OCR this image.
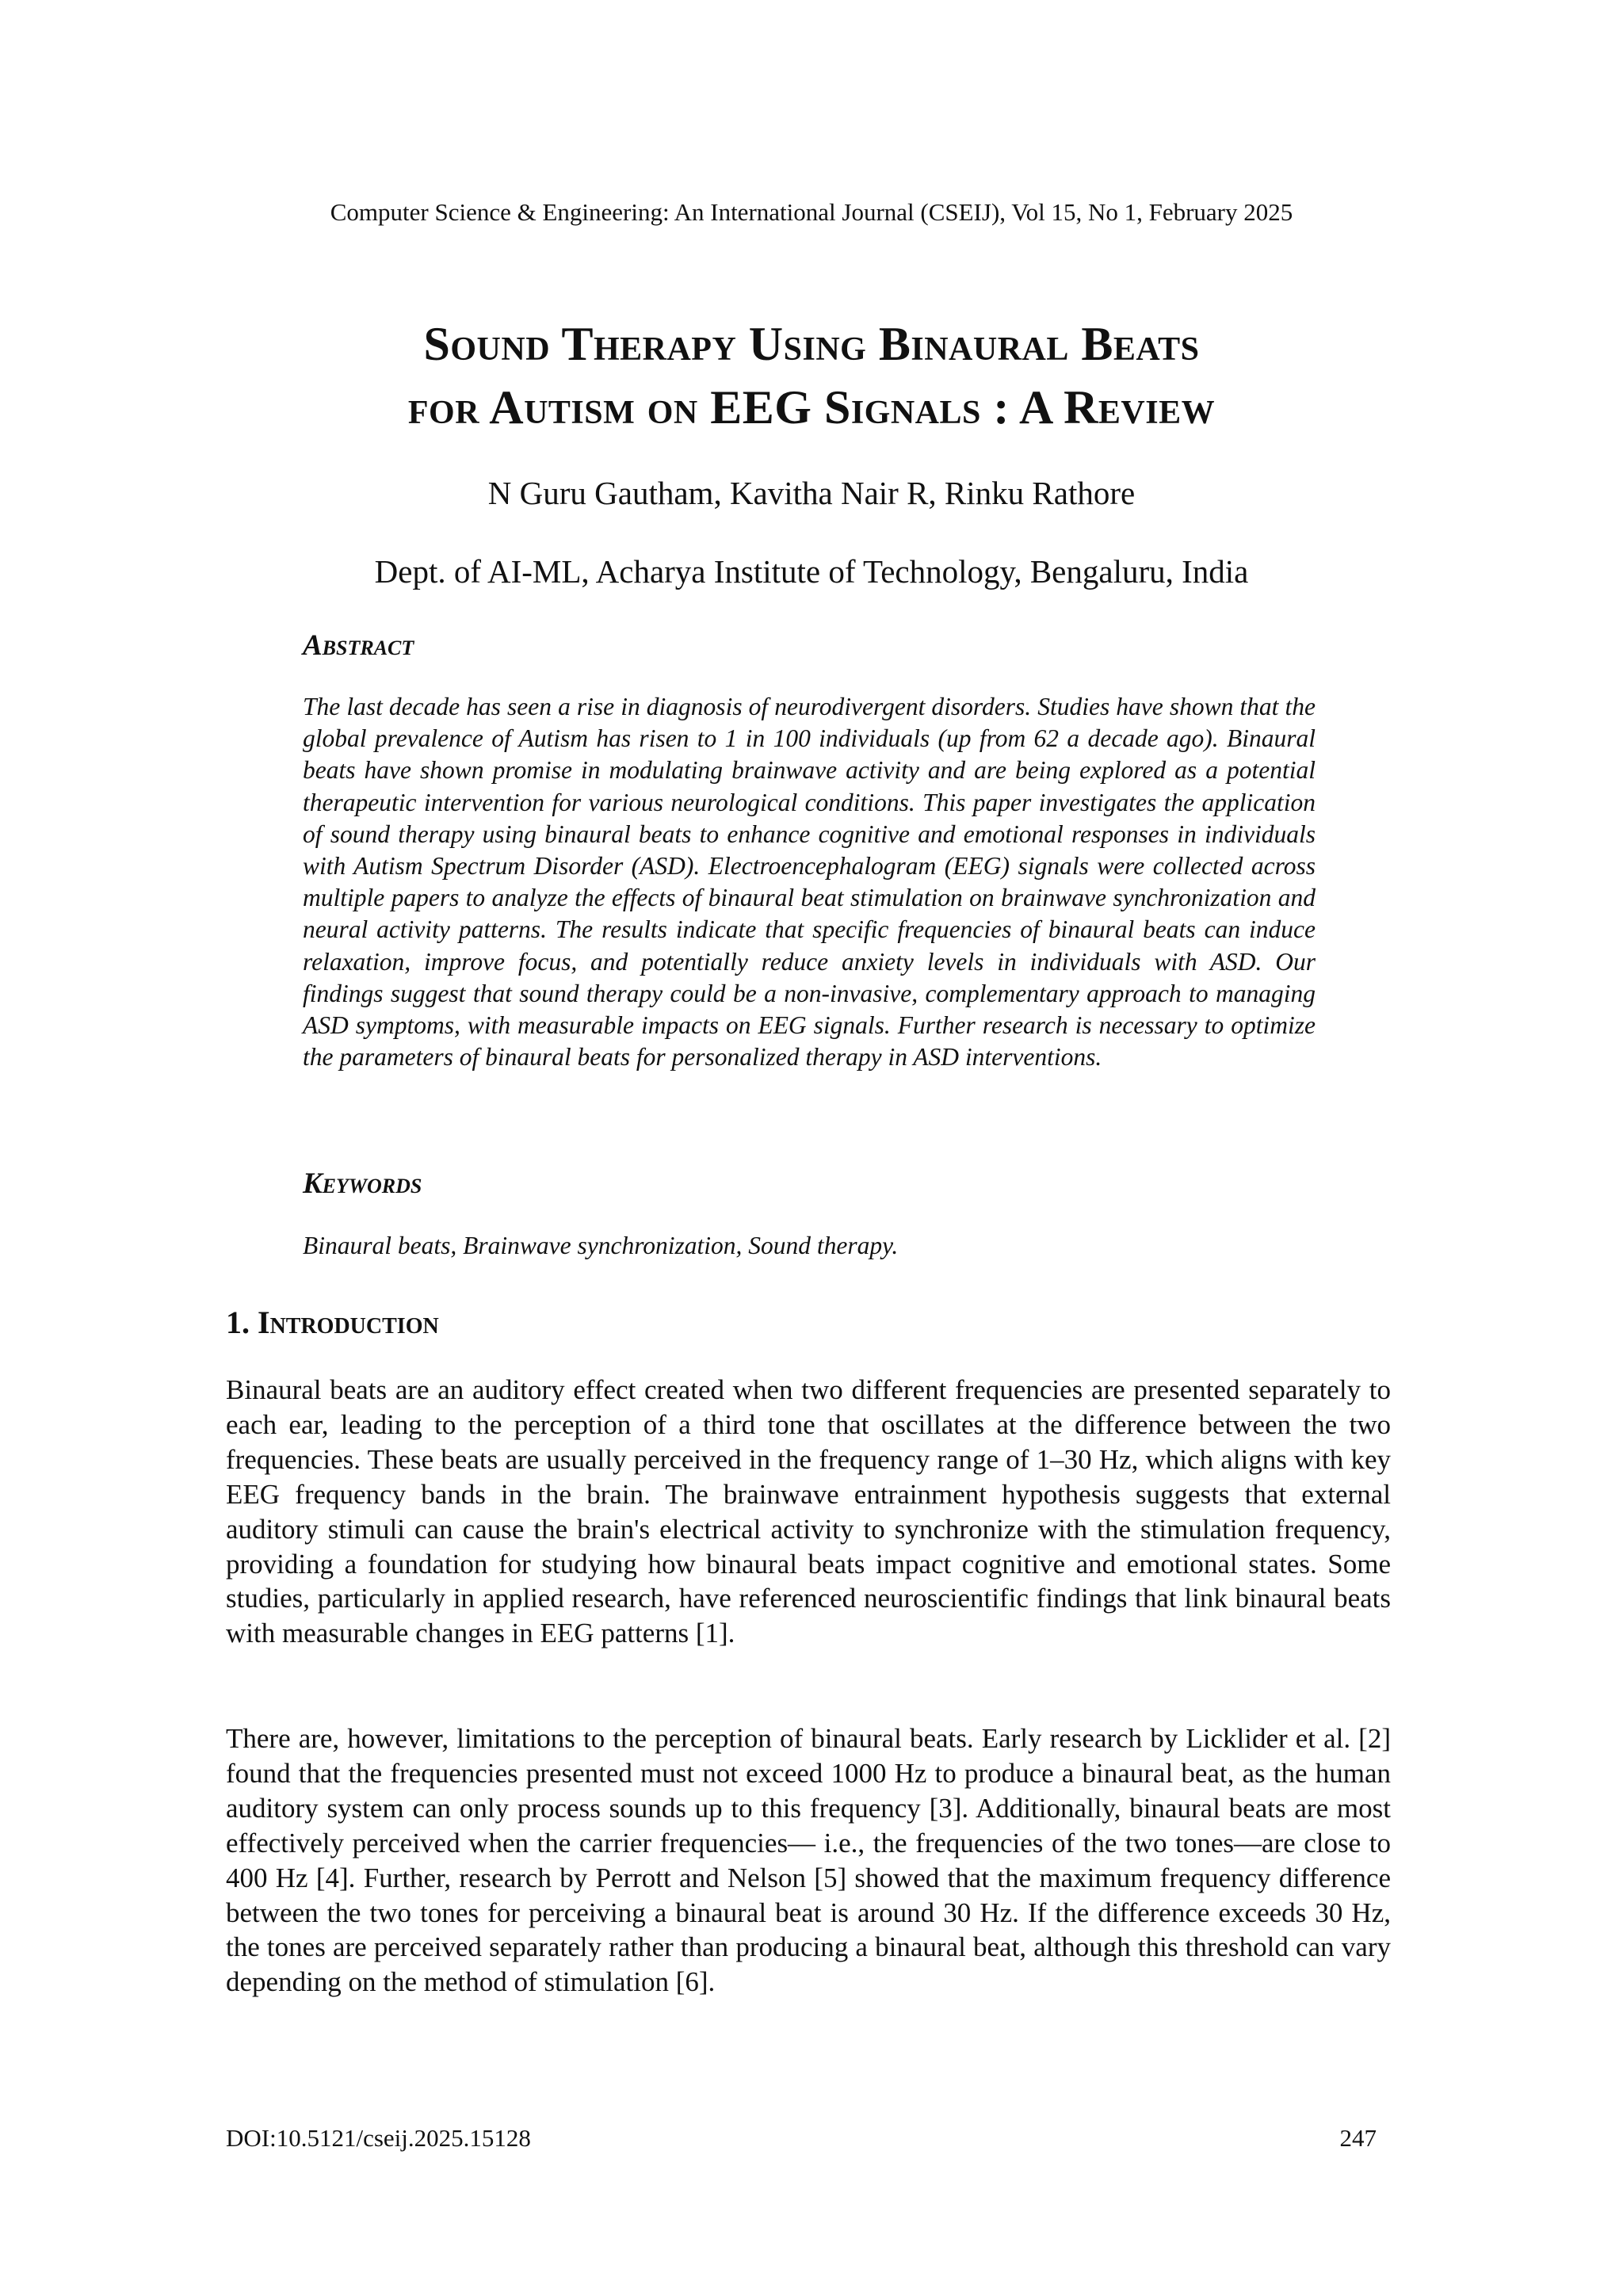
Computer Science & Engineering: An International Journal (CSEIJ), Vol 15, No 1, February 2025
Sound Therapy Using Binaural Beats
for Autism on EEG Signals : A Review
N Guru Gautham, Kavitha Nair R, Rinku Rathore
Dept. of AI-ML, Acharya Institute of Technology, Bengaluru, India
Abstract
The last decade has seen a rise in diagnosis of neurodivergent disorders. Studies have shown that the global prevalence of Autism has risen to 1 in 100 individuals (up from 62 a decade ago). Binaural beats have shown promise in modulating brainwave activity and are being explored as a potential therapeutic intervention for various neurological conditions. This paper investigates the application of sound therapy using binaural beats to enhance cognitive and emotional responses in individuals with Autism Spectrum Disorder (ASD). Electroencephalogram (EEG) signals were collected across multiple papers to analyze the effects of binaural beat stimulation on brainwave synchronization and neural activity patterns. The results indicate that specific frequencies of binaural beats can induce relaxation, improve focus, and potentially reduce anxiety levels in individuals with ASD. Our findings suggest that sound therapy could be a non-invasive, complementary approach to managing ASD symptoms, with measurable impacts on EEG signals. Further research is necessary to optimize the parameters of binaural beats for personalized therapy in ASD interventions.
Keywords
Binaural beats, Brainwave synchronization, Sound therapy.
1. Introduction
Binaural beats are an auditory effect created when two different frequencies are presented separately to each ear, leading to the perception of a third tone that oscillates at the difference between the two frequencies. These beats are usually perceived in the frequency range of 1–30 Hz, which aligns with key EEG frequency bands in the brain. The brainwave entrainment hypothesis suggests that external auditory stimuli can cause the brain's electrical activity to synchronize with the stimulation frequency, providing a foundation for studying how binaural beats impact cognitive and emotional states. Some studies, particularly in applied research, have referenced neuroscientific findings that link binaural beats with measurable changes in EEG patterns [1].
There are, however, limitations to the perception of binaural beats. Early research by Licklider et al. [2] found that the frequencies presented must not exceed 1000 Hz to produce a binaural beat, as the human auditory system can only process sounds up to this frequency [3]. Additionally, binaural beats are most effectively perceived when the carrier frequencies— i.e., the frequencies of the two tones—are close to 400 Hz [4]. Further, research by Perrott and Nelson [5] showed that the maximum frequency difference between the two tones for perceiving a binaural beat is around 30 Hz. If the difference exceeds 30 Hz, the tones are perceived separately rather than producing a binaural beat, although this threshold can vary depending on the method of stimulation [6].
DOI:10.5121/cseij.2025.15128	247
